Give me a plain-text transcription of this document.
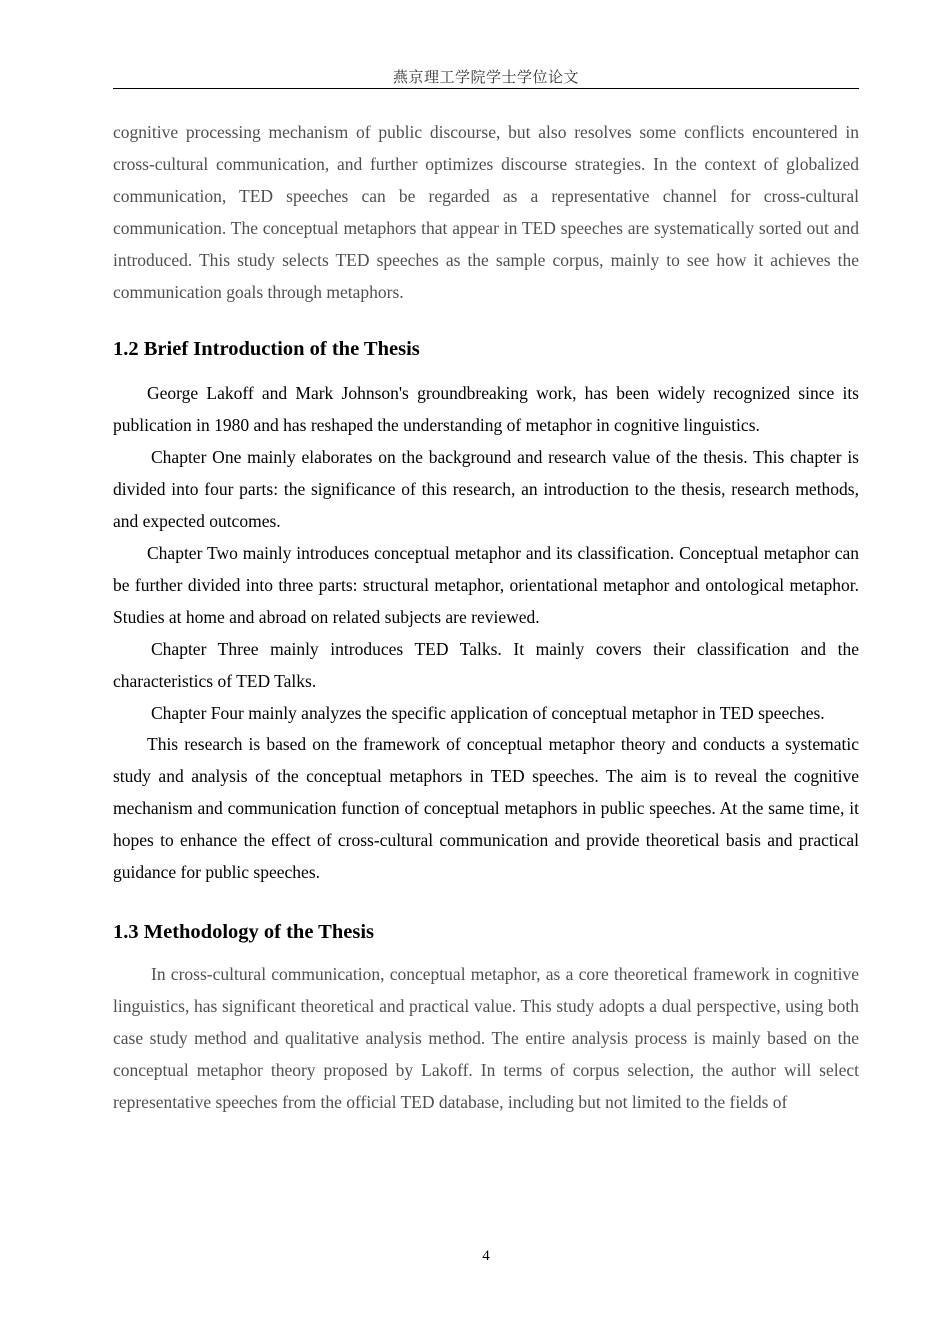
燕京理工学院学士学位论文

cognitive processing mechanism of public discourse, but also resolves some conflicts encountered in cross-cultural communication, and further optimizes discourse strategies. In the context of globalized communication, TED speeches can be regarded as a representative channel for cross-cultural communication. The conceptual metaphors that appear in TED speeches are systematically sorted out and introduced. This study selects TED speeches as the sample corpus, mainly to see how it achieves the communication goals through metaphors.

1.2 Brief Introduction of the Thesis

George Lakoff and Mark Johnson's groundbreaking work, has been widely recognized since its publication in 1980 and has reshaped the understanding of metaphor in cognitive linguistics.

Chapter One mainly elaborates on the background and research value of the thesis. This chapter is divided into four parts: the significance of this research, an introduction to the thesis, research methods, and expected outcomes.

Chapter Two mainly introduces conceptual metaphor and its classification. Conceptual metaphor can be further divided into three parts: structural metaphor, orientational metaphor and ontological metaphor. Studies at home and abroad on related subjects are reviewed.

Chapter Three mainly introduces TED Talks. It mainly covers their classification and the characteristics of TED Talks.

Chapter Four mainly analyzes the specific application of conceptual metaphor in TED speeches.

This research is based on the framework of conceptual metaphor theory and conducts a systematic study and analysis of the conceptual metaphors in TED speeches. The aim is to reveal the cognitive mechanism and communication function of conceptual metaphors in public speeches. At the same time, it hopes to enhance the effect of cross-cultural communication and provide theoretical basis and practical guidance for public speeches.

1.3 Methodology of the Thesis

In cross-cultural communication, conceptual metaphor, as a core theoretical framework in cognitive linguistics, has significant theoretical and practical value. This study adopts a dual perspective, using both case study method and qualitative analysis method. The entire analysis process is mainly based on the conceptual metaphor theory proposed by Lakoff. In terms of corpus selection, the author will select representative speeches from the official TED database, including but not limited to the fields of

4
